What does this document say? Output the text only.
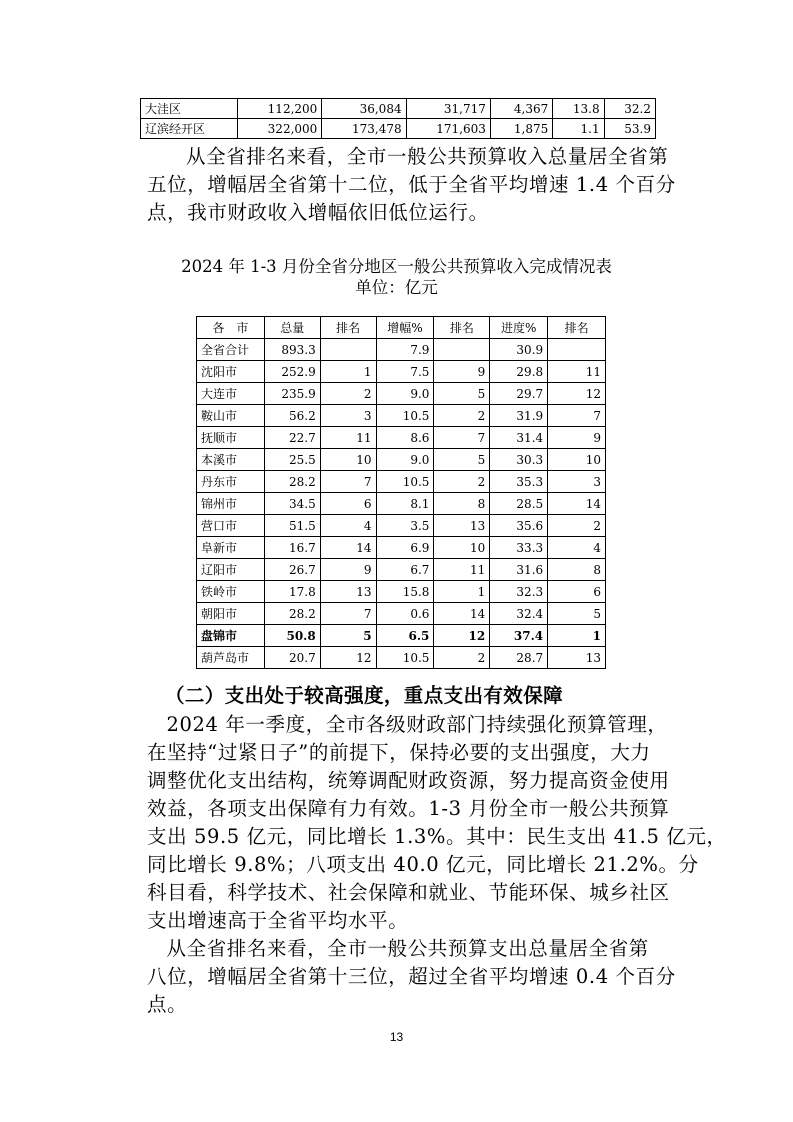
大洼区	112,200	36,084	31,717	4,367	13.8	32.2
辽滨经开区	322,000	173,478	171,603	1,875	1.1	53.9
从全省排名来看，全市一般公共预算收入总量居全省第
五位，增幅居全省第十二位，低于全省平均增速 1.4 个百分
点，我市财政收入增幅依旧低位运行。
2024 年 1-3 月份全省分地区一般公共预算收入完成情况表
单位：亿元
各　市	总量	排名	增幅%	排名	进度%	排名
全省合计	893.3		7.9		30.9	
沈阳市	252.9	1	7.5	9	29.8	11
大连市	235.9	2	9.0	5	29.7	12
鞍山市	56.2	3	10.5	2	31.9	7
抚顺市	22.7	11	8.6	7	31.4	9
本溪市	25.5	10	9.0	5	30.3	10
丹东市	28.2	7	10.5	2	35.3	3
锦州市	34.5	6	8.1	8	28.5	14
营口市	51.5	4	3.5	13	35.6	2
阜新市	16.7	14	6.9	10	33.3	4
辽阳市	26.7	9	6.7	11	31.6	8
铁岭市	17.8	13	15.8	1	32.3	6
朝阳市	28.2	7	0.6	14	32.4	5
盘锦市	50.8	5	6.5	12	37.4	1
葫芦岛市	20.7	12	10.5	2	28.7	13
（二）支出处于较高强度，重点支出有效保障
2024 年一季度，全市各级财政部门持续强化预算管理，
在坚持“过紧日子”的前提下，保持必要的支出强度，大力
调整优化支出结构，统筹调配财政资源，努力提高资金使用
效益，各项支出保障有力有效。1-3 月份全市一般公共预算
支出 59.5 亿元，同比增长 1.3%。其中：民生支出 41.5 亿元，
同比增长 9.8%；八项支出 40.0 亿元，同比增长 21.2%。分
科目看，科学技术、社会保障和就业、节能环保、城乡社区
支出增速高于全省平均水平。
从全省排名来看，全市一般公共预算支出总量居全省第
八位，增幅居全省第十三位，超过全省平均增速 0.4 个百分
点。
13
